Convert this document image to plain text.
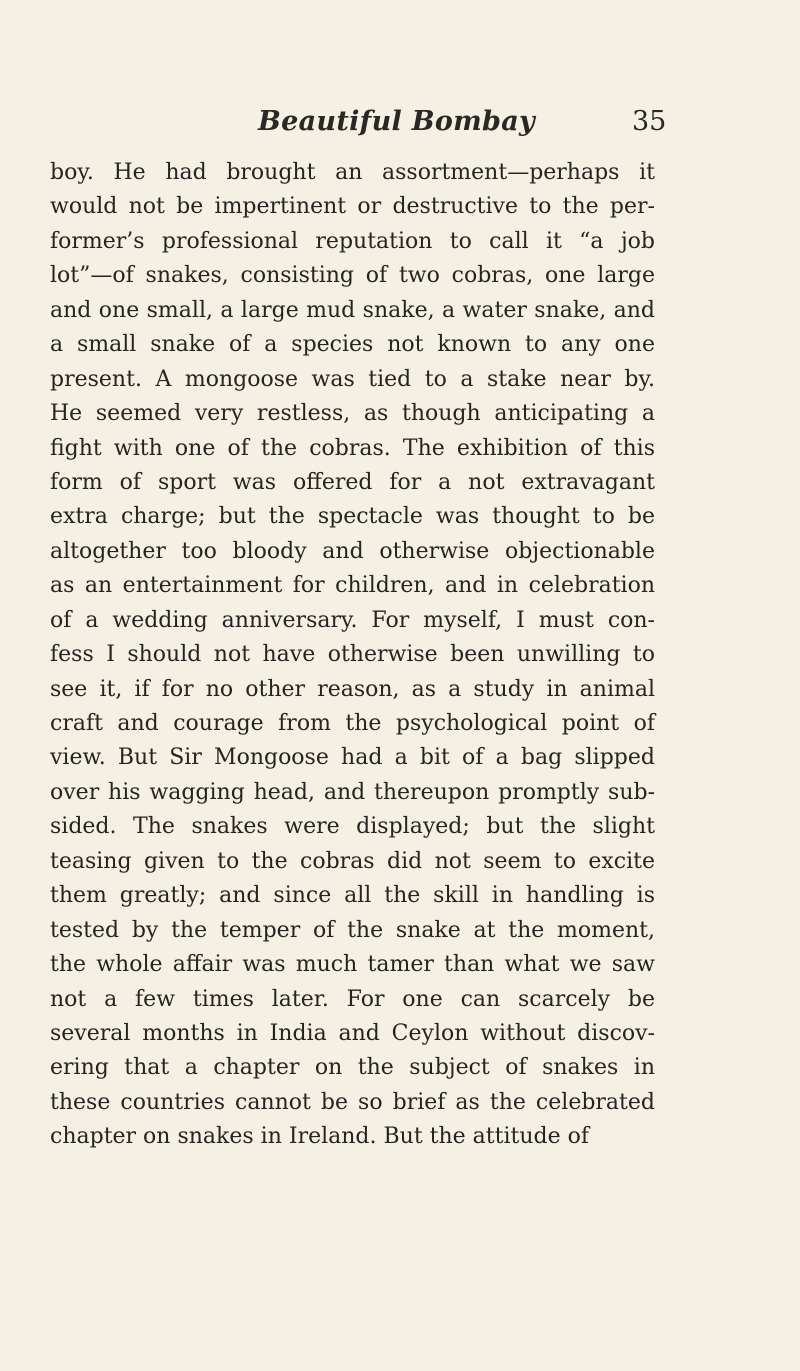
Beautiful Bombay	35
boy. He had brought an assortment—perhaps it
would not be impertinent or destructive to the per-
former’s professional reputation to call it “a job
lot”—of snakes, consisting of two cobras, one large
and one small, a large mud snake, a water snake, and
a small snake of a species not known to any one
present. A mongoose was tied to a stake near by.
He seemed very restless, as though anticipating a
fight with one of the cobras. The exhibition of this
form of sport was offered for a not extravagant
extra charge; but the spectacle was thought to be
altogether too bloody and otherwise objectionable
as an entertainment for children, and in celebration
of a wedding anniversary. For myself, I must con-
fess I should not have otherwise been unwilling to
see it, if for no other reason, as a study in animal
craft and courage from the psychological point of
view. But Sir Mongoose had a bit of a bag slipped
over his wagging head, and thereupon promptly sub-
sided. The snakes were displayed; but the slight
teasing given to the cobras did not seem to excite
them greatly; and since all the skill in handling is
tested by the temper of the snake at the moment,
the whole affair was much tamer than what we saw
not a few times later. For one can scarcely be
several months in India and Ceylon without discov-
ering that a chapter on the subject of snakes in
these countries cannot be so brief as the celebrated
chapter on snakes in Ireland. But the attitude of
